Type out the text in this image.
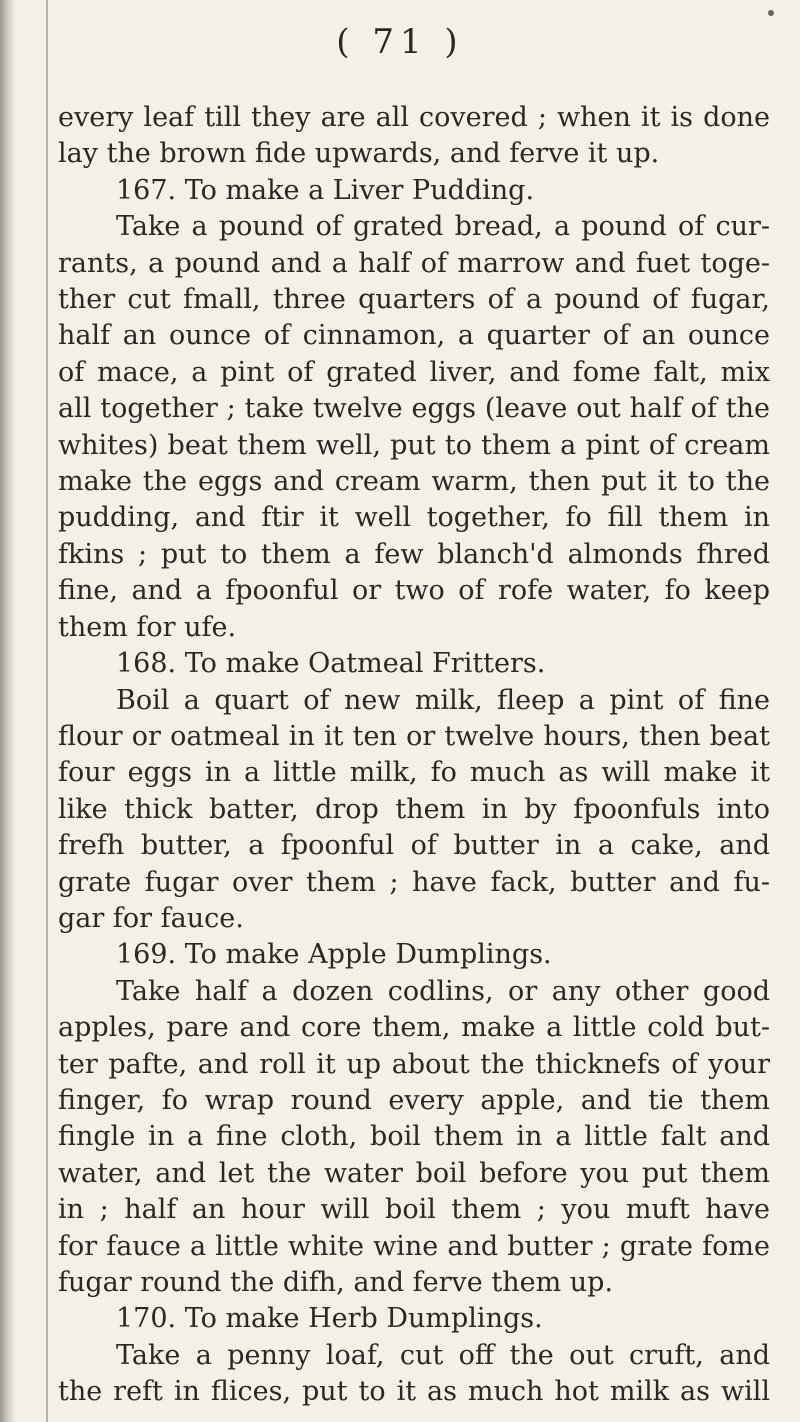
( 71 )
every leaf till they are all covered ; when it is done
lay the brown fide upwards, and ferve it up.
167. To make a Liver Pudding.
Take a pound of grated bread, a pound of cur-
rants, a pound and a half of marrow and fuet toge-
ther cut fmall, three quarters of a pound of fugar,
half an ounce of cinnamon, a quarter of an ounce
of mace, a pint of grated liver, and fome falt, mix
all together ; take twelve eggs (leave out half of the
whites) beat them well, put to them a pint of cream
make the eggs and cream warm, then put it to the
pudding, and ftir it well together, fo fill them in
fkins ; put to them a few blanch'd almonds fhred
fine, and a fpoonful or two of rofe water, fo keep
them for ufe.
168. To make Oatmeal Fritters.
Boil a quart of new milk, fleep a pint of fine
flour or oatmeal in it ten or twelve hours, then beat
four eggs in a little milk, fo much as will make it
like thick batter, drop them in by fpoonfuls into
frefh butter, a fpoonful of butter in a cake, and
grate fugar over them ; have fack, butter and fu-
gar for fauce.
169. To make Apple Dumplings.
Take half a dozen codlins, or any other good
apples, pare and core them, make a little cold but-
ter pafte, and roll it up about the thicknefs of your
finger, fo wrap round every apple, and tie them
fingle in a fine cloth, boil them in a little falt and
water, and let the water boil before you put them
in ; half an hour will boil them ; you muft have
for fauce a little white wine and butter ; grate fome
fugar round the difh, and ferve them up.
170. To make Herb Dumplings.
Take a penny loaf, cut off the out cruft, and
the reft in flices, put to it as much hot milk as will
